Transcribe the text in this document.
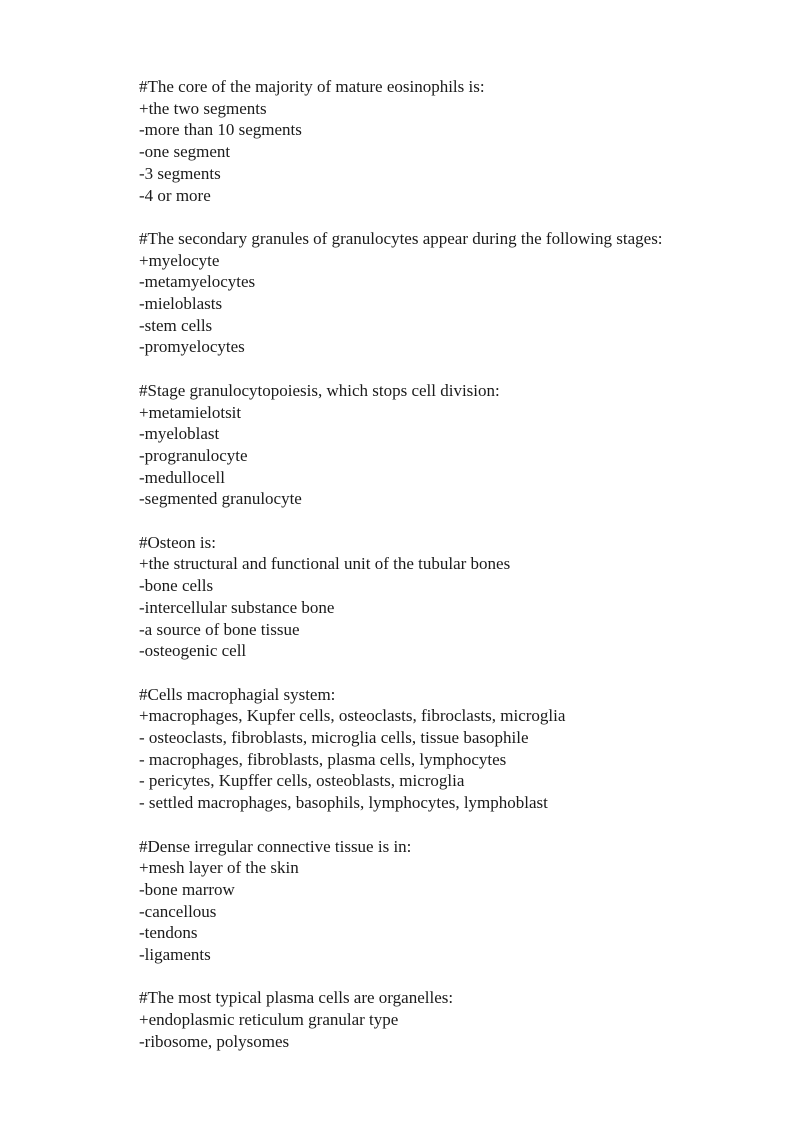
#The core of the majority of mature eosinophils is:
+the two segments
-more than 10 segments
-one segment
-3 segments
-4 or more
#The secondary granules of granulocytes appear during the following stages:
+myelocyte
-metamyelocytes
-mieloblasts
-stem cells
-promyelocytes
#Stage granulocytopoiesis, which stops cell division:
+metamielotsit
-myeloblast
-progranulocyte
-medullocell
-segmented granulocyte
#Osteon is:
+the structural and functional unit of the tubular bones
-bone cells
-intercellular substance bone
-a source of bone tissue
-osteogenic cell
#Cells macrophagial system:
+macrophages, Kupfer cells, osteoclasts, fibroclasts, microglia
- osteoclasts, fibroblasts, microglia cells, tissue basophile
- macrophages, fibroblasts, plasma cells, lymphocytes
- pericytes, Kupffer cells, osteoblasts, microglia
- settled macrophages, basophils, lymphocytes, lymphoblast
#Dense irregular connective tissue is in:
+mesh layer of the skin
-bone marrow
-cancellous
-tendons
-ligaments
#The most typical plasma cells are organelles:
+endoplasmic reticulum granular type
-ribosome, polysomes
